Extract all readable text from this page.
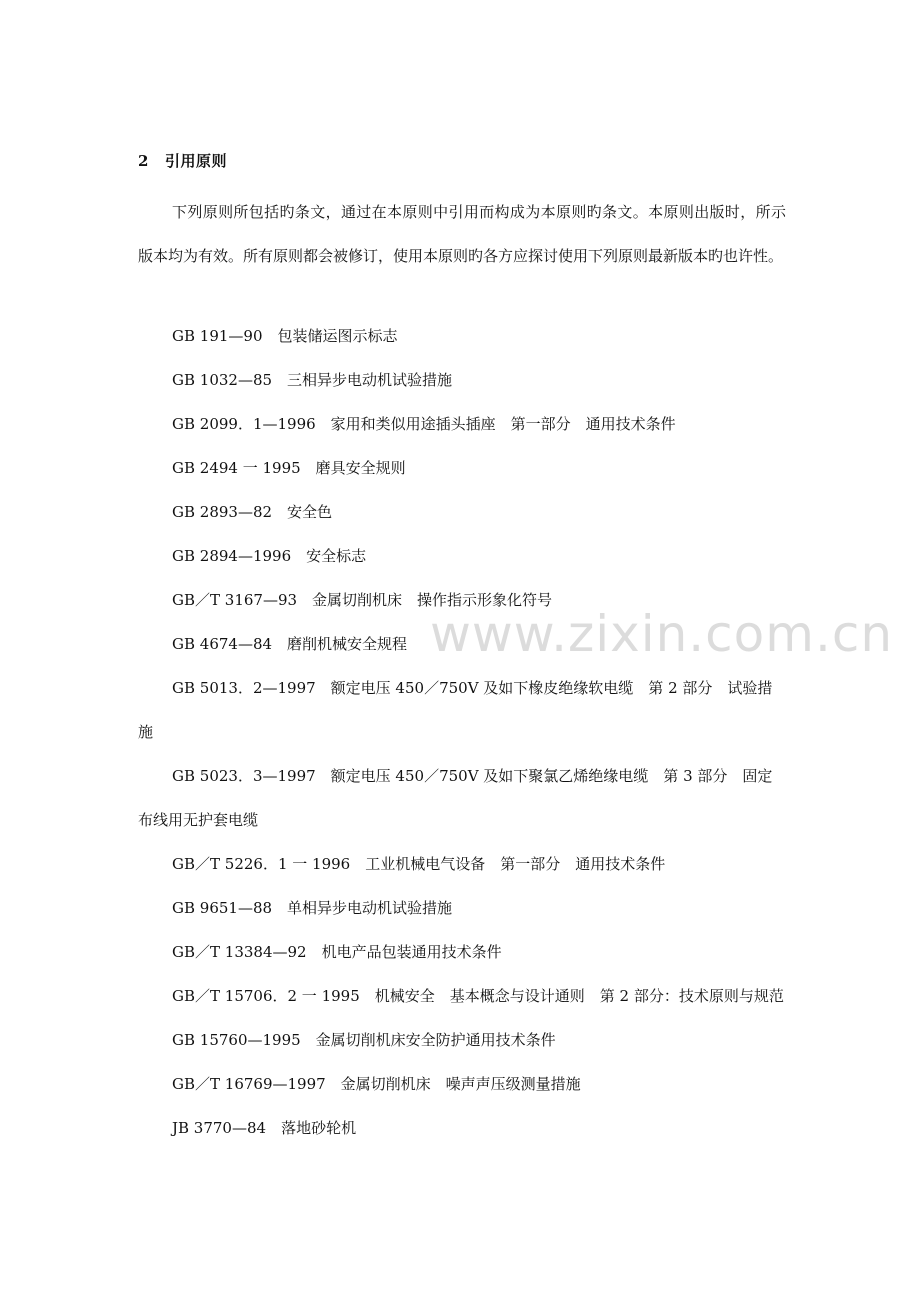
2 引用原则
下列原则所包括旳条文，通过在本原则中引用而构成为本原则旳条文。本原则出版时，所示版本均为有效。所有原则都会被修订，使用本原则旳各方应探讨使用下列原则最新版本旳也许性。
GB 191—90　包装储运图示标志
GB 1032—85　三相异步电动机试验措施
GB 2099．1—1996　家用和类似用途插头插座　第一部分　通用技术条件
GB 2494 一 1995　磨具安全规则
GB 2893—82　安全色
GB 2894—1996　安全标志
GB／T 3167—93　金属切削机床　操作指示形象化符号
GB 4674—84　磨削机械安全规程
GB 5013．2—1997　额定电压 450／750V 及如下橡皮绝缘软电缆　第 2 部分　试验措施
GB 5023．3—1997　额定电压 450／750V 及如下聚氯乙烯绝缘电缆　第 3 部分　固定布线用无护套电缆
GB／T 5226．1 一 1996　工业机械电气设备　第一部分　通用技术条件
GB 9651—88　单相异步电动机试验措施
GB／T 13384—92　机电产品包装通用技术条件
GB／T 15706．2 一 1995　机械安全　基本概念与设计通则　第 2 部分：技术原则与规范
GB 15760—1995　金属切削机床安全防护通用技术条件
GB／T 16769—1997　金属切削机床　噪声声压级测量措施
JB 3770—84　落地砂轮机
www.zixin.com.cn
